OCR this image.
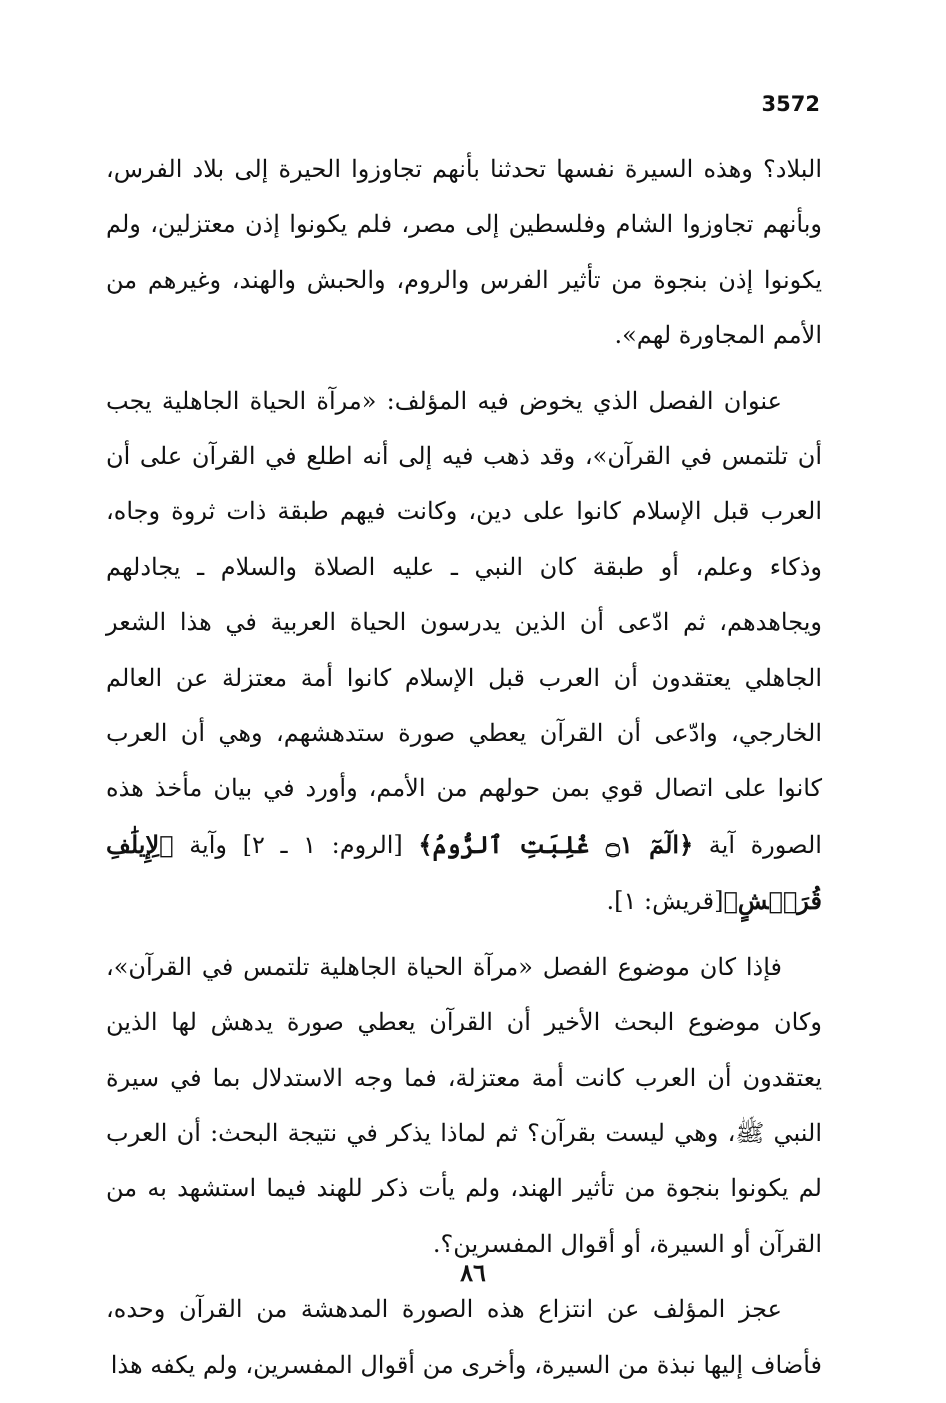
3572

البلاد؟ وهذه السيرة نفسها تحدثنا بأنهم تجاوزوا الحيرة إلى بلاد الفرس، وبأنهم تجاوزوا الشام وفلسطين إلى مصر، فلم يكونوا إذن معتزلين، ولم يكونوا إذن بنجوة من تأثير الفرس والروم، والحبش والهند، وغيرهم من الأمم المجاورة لهم».

عنوان الفصل الذي يخوض فيه المؤلف: «مرآة الحياة الجاهلية يجب أن تلتمس في القرآن»، وقد ذهب فيه إلى أنه اطلع في القرآن على أن العرب قبل الإسلام كانوا على دين، وكانت فيهم طبقة ذات ثروة وجاه، وذكاء وعلم، أو طبقة كان النبي ـ عليه الصلاة والسلام ـ يجادلهم ويجاهدهم، ثم ادّعى أن الذين يدرسون الحياة العربية في هذا الشعر الجاهلي يعتقدون أن العرب قبل الإسلام كانوا أمة معتزلة عن العالم الخارجي، وادّعى أن القرآن يعطي صورة ستدهشهم، وهي أن العرب كانوا على اتصال قوي بمن حولهم من الأمم، وأورد في بيان مأخذ هذه الصورة آية ﴿الٓمٓ ۝١ غُلِبَتِ ٱلرُّومُ﴾ [الروم: ١ ـ ٢] وآية ﴿لِإِيلَٰفِ قُرَيۡشٍ﴾[قريش: ١].

فإذا كان موضوع الفصل «مرآة الحياة الجاهلية تلتمس في القرآن»، وكان موضوع البحث الأخير أن القرآن يعطي صورة يدهش لها الذين يعتقدون أن العرب كانت أمة معتزلة، فما وجه الاستدلال بما في سيرة النبي ﷺ، وهي ليست بقرآن؟ ثم لماذا يذكر في نتيجة البحث: أن العرب لم يكونوا بنجوة من تأثير الهند، ولم يأت ذكر للهند فيما استشهد به من القرآن أو السيرة، أو أقوال المفسرين؟.

عجز المؤلف عن انتزاع هذه الصورة المدهشة من القرآن وحده، فأضاف إليها نبذة من السيرة، وأخرى من أقوال المفسرين، ولم يكفه هذا

٨٦
